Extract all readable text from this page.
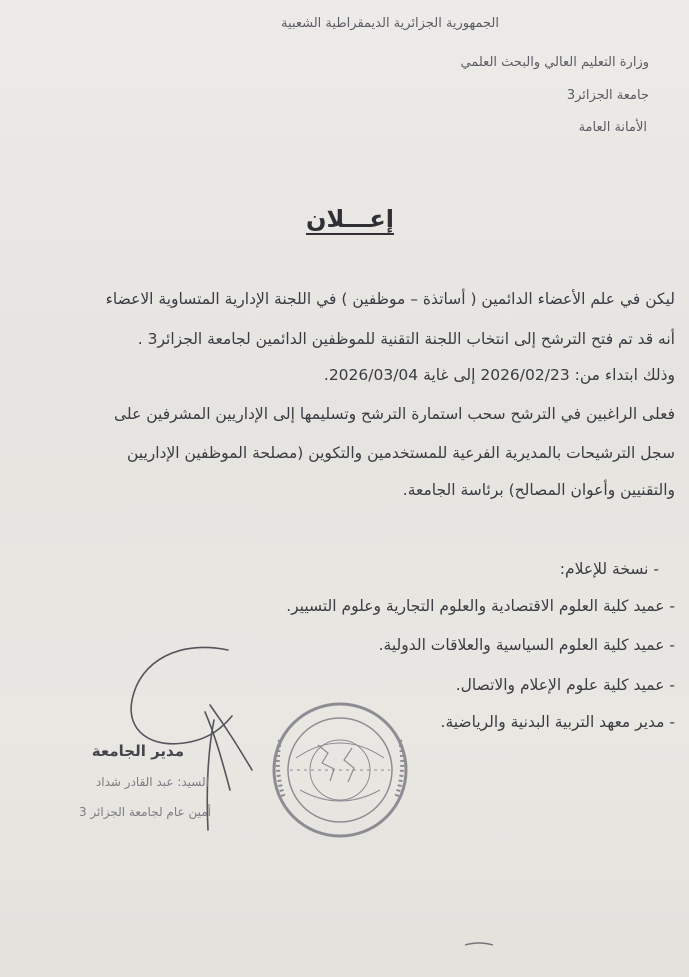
الجمهورية الجزائرية الديمقراطية الشعبية
وزارة التعليم العالي والبحث العلمي
جامعة الجزائر3
الأمانة العامة
إعـــلان
ليكن في علم الأعضاء الدائمين ( أساتذة – موظفين ) في اللجنة الإدارية المتساوية الاعضاء
أنه قد تم فتح الترشح إلى انتخاب اللجنة التقنية للموظفين الدائمين لجامعة الجزائر3 .
وذلك ابتداء من: 2026/02/23 إلى غاية 2026/03/04.
فعلى الراغبين في الترشح سحب استمارة الترشح وتسليمها إلى الإداريين المشرفين على
سجل الترشيحات بالمديرية الفرعية للمستخدمين والتكوين (مصلحة الموظفين الإداريين
والتقنيين وأعوان المصالح) برئاسة الجامعة.
- نسخة للإعلام:
- عميد كلية العلوم الاقتصادية والعلوم التجارية وعلوم التسيير.
- عميد كلية العلوم السياسية والعلاقات الدولية.
- عميد كلية علوم الإعلام والاتصال.
- مدير معهد التربية البدنية والرياضية.
مدير الجامعة
السيد: عبد القادر شداد
أمين عام لجامعة الجزائر 3
